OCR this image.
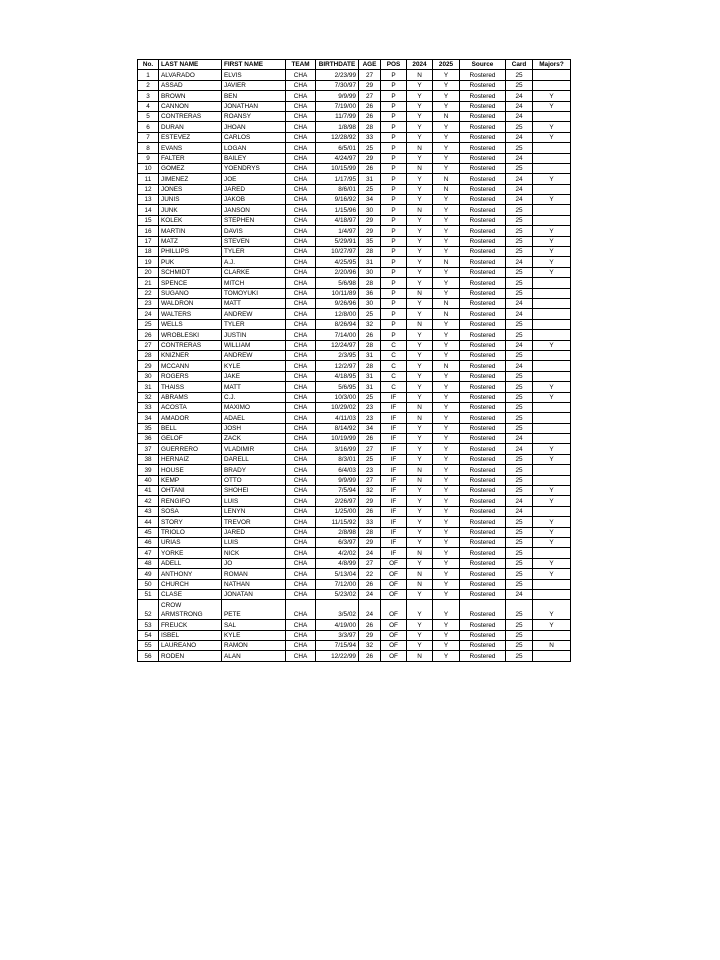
No.	LAST NAME	FIRST NAME	TEAM	BIRTHDATE	AGE	POS	2024	2025	Source	Card	Majors?
1	ALVARADO	ELVIS	CHA	2/23/99	27	P	N	Y	Rostered	25	
2	ASSAD	JAVIER	CHA	7/30/97	29	P	Y	Y	Rostered	25	
3	BROWN	BEN	CHA	9/9/99	27	P	Y	Y	Rostered	24	Y
4	CANNON	JONATHAN	CHA	7/19/00	26	P	Y	Y	Rostered	24	Y
5	CONTRERAS	ROANSY	CHA	11/7/99	26	P	Y	N	Rostered	24	
6	DURAN	JHOAN	CHA	1/8/98	28	P	Y	Y	Rostered	25	Y
7	ESTEVEZ	CARLOS	CHA	12/28/92	33	P	Y	Y	Rostered	24	Y
8	EVANS	LOGAN	CHA	6/5/01	25	P	N	Y	Rostered	25	
9	FALTER	BAILEY	CHA	4/24/97	29	P	Y	Y	Rostered	24	
10	GOMEZ	YOENDRYS	CHA	10/15/99	26	P	N	Y	Rostered	25	
11	JIMENEZ	JOE	CHA	1/17/95	31	P	Y	N	Rostered	24	Y
12	JONES	JARED	CHA	8/6/01	25	P	Y	N	Rostered	24	
13	JUNIS	JAKOB	CHA	9/16/92	34	P	Y	Y	Rostered	24	Y
14	JUNK	JANSON	CHA	1/15/96	30	P	N	Y	Rostered	25	
15	KOLEK	STEPHEN	CHA	4/18/97	29	P	Y	Y	Rostered	25	
16	MARTIN	DAVIS	CHA	1/4/97	29	P	Y	Y	Rostered	25	Y
17	MATZ	STEVEN	CHA	5/29/91	35	P	Y	Y	Rostered	25	Y
18	PHILLIPS	TYLER	CHA	10/27/97	28	P	Y	Y	Rostered	25	Y
19	PUK	A.J.	CHA	4/25/95	31	P	Y	N	Rostered	24	Y
20	SCHMIDT	CLARKE	CHA	2/20/96	30	P	Y	Y	Rostered	25	Y
21	SPENCE	MITCH	CHA	5/6/98	28	P	Y	Y	Rostered	25	
22	SUGANO	TOMOYUKI	CHA	10/11/89	36	P	N	Y	Rostered	25	
23	WALDRON	MATT	CHA	9/26/96	30	P	Y	N	Rostered	24	
24	WALTERS	ANDREW	CHA	12/8/00	25	P	Y	N	Rostered	24	
25	WELLS	TYLER	CHA	8/26/94	32	P	N	Y	Rostered	25	
26	WROBLESKI	JUSTIN	CHA	7/14/00	26	P	Y	Y	Rostered	25	
27	CONTRERAS	WILLIAM	CHA	12/24/97	28	C	Y	Y	Rostered	24	Y
28	KNIZNER	ANDREW	CHA	2/3/95	31	C	Y	Y	Rostered	25	
29	MCCANN	KYLE	CHA	12/2/97	28	C	Y	N	Rostered	24	
30	ROGERS	JAKE	CHA	4/18/95	31	C	Y	Y	Rostered	25	
31	THAISS	MATT	CHA	5/6/95	31	C	Y	Y	Rostered	25	Y
32	ABRAMS	C.J.	CHA	10/3/00	25	IF	Y	Y	Rostered	25	Y
33	ACOSTA	MAXIMO	CHA	10/29/02	23	IF	N	Y	Rostered	25	
34	AMADOR	ADAEL	CHA	4/11/03	23	IF	N	Y	Rostered	25	
35	BELL	JOSH	CHA	8/14/92	34	IF	Y	Y	Rostered	25	
36	GELOF	ZACK	CHA	10/19/99	26	IF	Y	Y	Rostered	24	
37	GUERRERO	VLADIMIR	CHA	3/16/99	27	IF	Y	Y	Rostered	24	Y
38	HERNAIZ	DARELL	CHA	8/3/01	25	IF	Y	Y	Rostered	25	Y
39	HOUSE	BRADY	CHA	6/4/03	23	IF	N	Y	Rostered	25	
40	KEMP	OTTO	CHA	9/9/99	27	IF	N	Y	Rostered	25	
41	OHTANI	SHOHEI	CHA	7/5/94	32	IF	Y	Y	Rostered	25	Y
42	RENGIFO	LUIS	CHA	2/26/97	29	IF	Y	Y	Rostered	24	Y
43	SOSA	LENYN	CHA	1/25/00	26	IF	Y	Y	Rostered	24	
44	STORY	TREVOR	CHA	11/15/92	33	IF	Y	Y	Rostered	25	Y
45	TRIOLO	JARED	CHA	2/8/98	28	IF	Y	Y	Rostered	25	Y
46	URIAS	LUIS	CHA	6/3/97	29	IF	Y	Y	Rostered	25	Y
47	YORKE	NICK	CHA	4/2/02	24	IF	N	Y	Rostered	25	
48	ADELL	JO	CHA	4/8/99	27	OF	Y	Y	Rostered	25	Y
49	ANTHONY	ROMAN	CHA	5/13/04	22	OF	N	Y	Rostered	25	Y
50	CHURCH	NATHAN	CHA	7/12/00	26	OF	N	Y	Rostered	25	
51	CLASE	JONATAN	CHA	5/23/02	24	OF	Y	Y	Rostered	24	
52	CROW ARMSTRONG	PETE	CHA	3/5/02	24	OF	Y	Y	Rostered	25	Y
53	FREUCK	SAL	CHA	4/19/00	26	OF	Y	Y	Rostered	25	Y
54	ISBEL	KYLE	CHA	3/3/97	29	OF	Y	Y	Rostered	25	
55	LAUREANO	RAMON	CHA	7/15/94	32	OF	Y	Y	Rostered	25	N
56	RODEN	ALAN	CHA	12/22/99	26	OF	N	Y	Rostered	25	
